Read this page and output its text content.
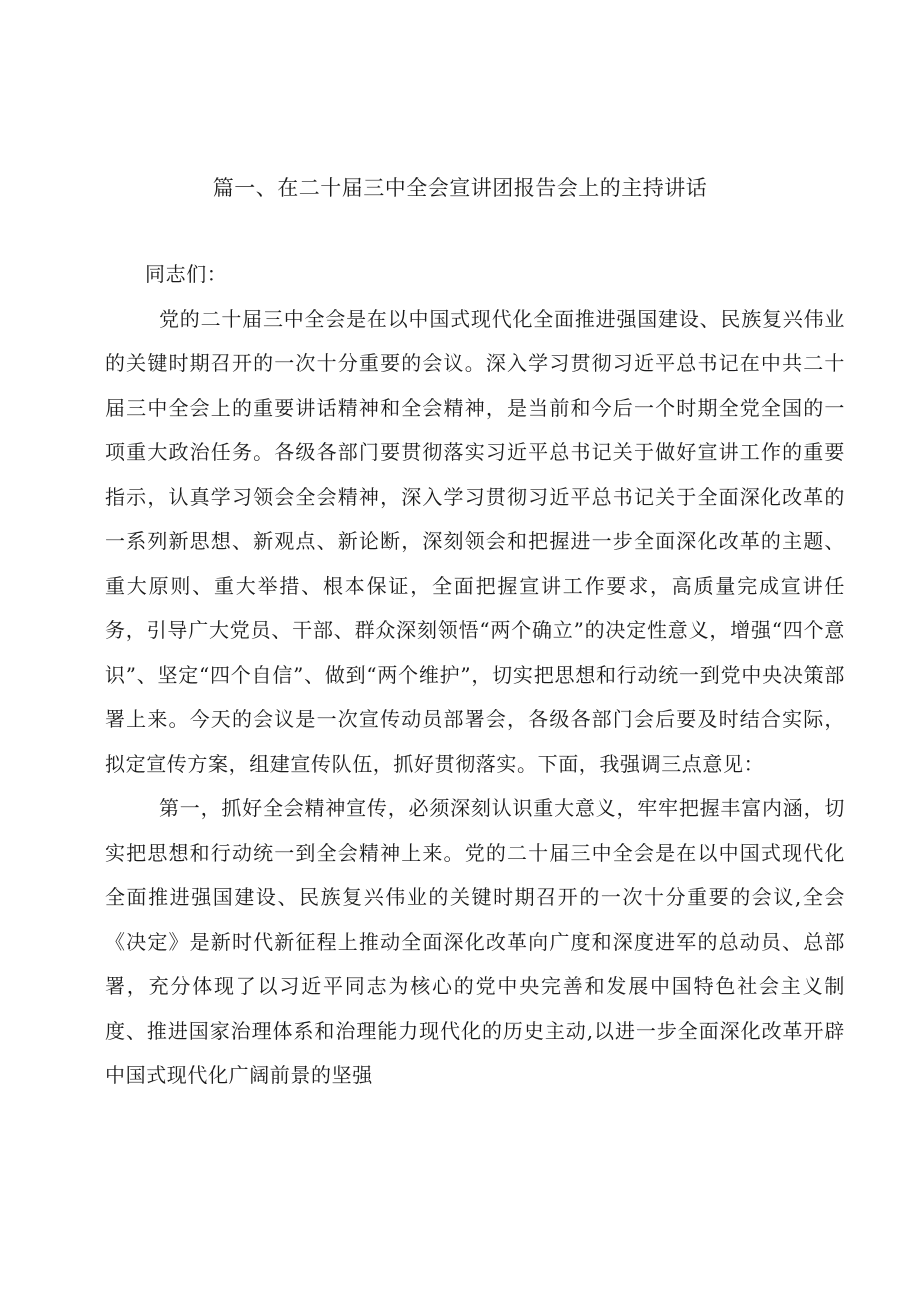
篇一、在二十届三中全会宣讲团报告会上的主持讲话

同志们：

党的二十届三中全会是在以中国式现代化全面推进强国建设、民族复兴伟业的关键时期召开的一次十分重要的会议。深入学习贯彻习近平总书记在中共二十届三中全会上的重要讲话精神和全会精神，是当前和今后一个时期全党全国的一项重大政治任务。各级各部门要贯彻落实习近平总书记关于做好宣讲工作的重要指示，认真学习领会全会精神，深入学习贯彻习近平总书记关于全面深化改革的一系列新思想、新观点、新论断，深刻领会和把握进一步全面深化改革的主题、重大原则、重大举措、根本保证，全面把握宣讲工作要求，高质量完成宣讲任务，引导广大党员、干部、群众深刻领悟“两个确立”的决定性意义，增强“四个意识”、坚定“四个自信”、做到“两个维护”，切实把思想和行动统一到党中央决策部署上来。今天的会议是一次宣传动员部署会，各级各部门会后要及时结合实际，拟定宣传方案，组建宣传队伍，抓好贯彻落实。下面，我强调三点意见：

第一，抓好全会精神宣传，必须深刻认识重大意义，牢牢把握丰富内涵，切实把思想和行动统一到全会精神上来。党的二十届三中全会是在以中国式现代化全面推进强国建设、民族复兴伟业的关键时期召开的一次十分重要的会议,全会《决定》是新时代新征程上推动全面深化改革向广度和深度进军的总动员、总部署，充分体现了以习近平同志为核心的党中央完善和发展中国特色社会主义制度、推进国家治理体系和治理能力现代化的历史主动,以进一步全面深化改革开辟中国式现代化广阔前景的坚强
